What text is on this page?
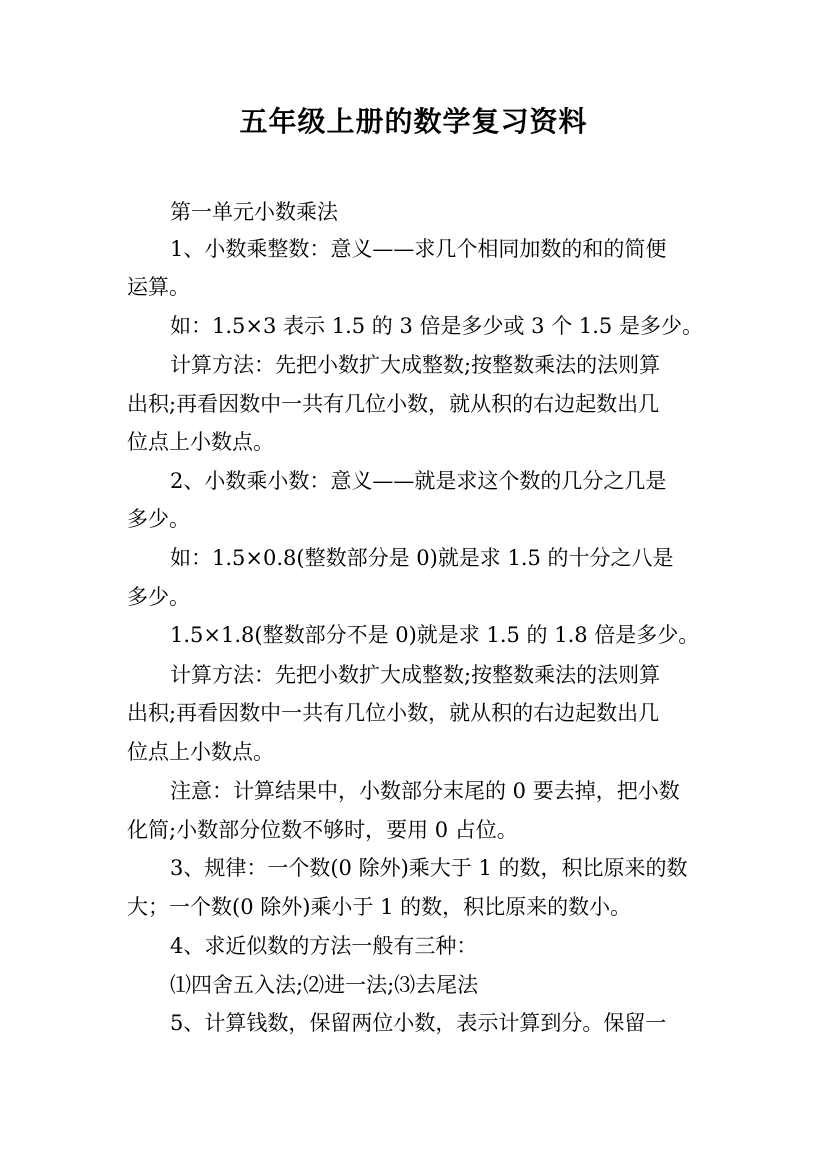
五年级上册的数学复习资料
第一单元小数乘法
1、小数乘整数：意义——求几个相同加数的和的简便
运算。
如：1.5×3 表示 1.5 的 3 倍是多少或 3 个 1.5 是多少。
计算方法：先把小数扩大成整数;按整数乘法的法则算
出积;再看因数中一共有几位小数，就从积的右边起数出几
位点上小数点。
2、小数乘小数：意义——就是求这个数的几分之几是
多少。
如：1.5×0.8(整数部分是 0)就是求 1.5 的十分之八是
多少。
1.5×1.8(整数部分不是 0)就是求 1.5 的 1.8 倍是多少。
计算方法：先把小数扩大成整数;按整数乘法的法则算
出积;再看因数中一共有几位小数，就从积的右边起数出几
位点上小数点。
注意：计算结果中，小数部分末尾的 0 要去掉，把小数
化简;小数部分位数不够时，要用 0 占位。
3、规律：一个数(0 除外)乘大于 1 的数，积比原来的数
大；一个数(0 除外)乘小于 1 的数，积比原来的数小。
4、求近似数的方法一般有三种：
⑴四舍五入法;⑵进一法;⑶去尾法
5、计算钱数，保留两位小数，表示计算到分。保留一
